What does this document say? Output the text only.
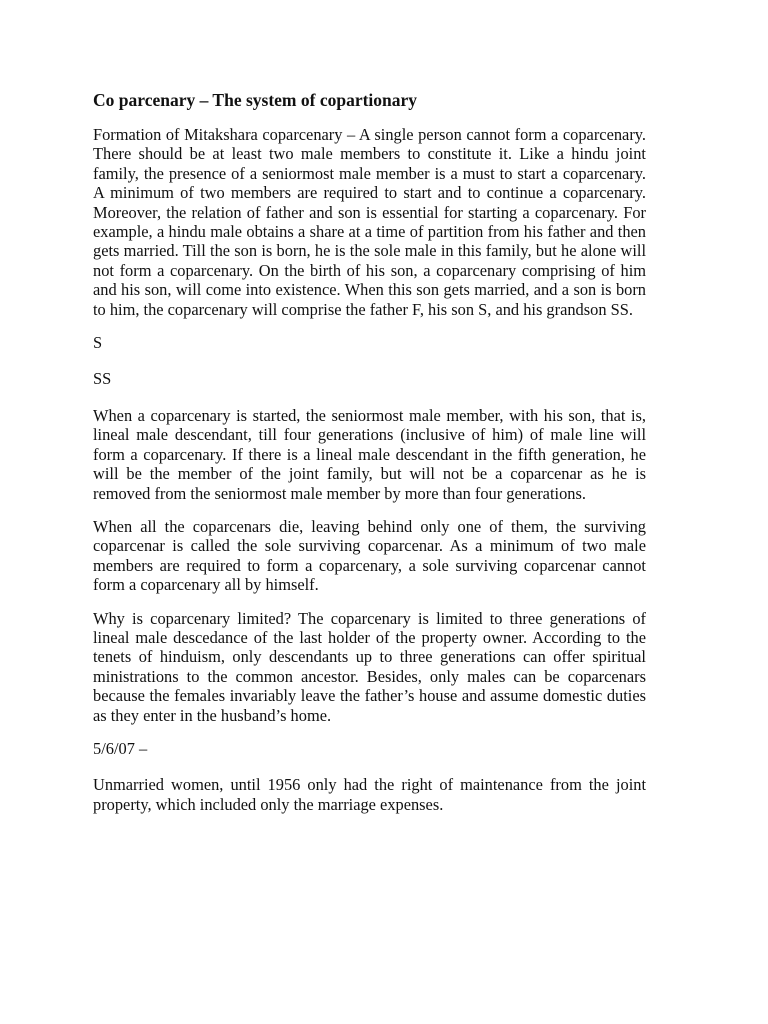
Co parcenary – The system of copartionary

Formation of Mitakshara coparcenary – A single person cannot form a coparcenary. There should be at least two male members to constitute it. Like a hindu joint family, the presence of a seniormost male member is a must to start a coparcenary. A minimum of two members are required to start and to continue a coparcenary. Moreover, the relation of father and son is essential for starting a coparcenary. For example, a hindu male obtains a share at a time of partition from his father and then gets married. Till the son is born, he is the sole male in this family, but he alone will not form a coparcenary. On the birth of his son, a coparcenary comprising of him and his son, will come into existence. When this son gets married, and a son is born to him, the coparcenary will comprise the father F, his son S, and his grandson SS.

S

SS

When a coparcenary is started, the seniormost male member, with his son, that is, lineal male descendant, till four generations (inclusive of him) of male line will form a coparcenary. If there is a lineal male descendant in the fifth generation, he will be the member of the joint family, but will not be a coparcenar as he is removed from the seniormost male member by more than four generations.

When all the coparcenars die, leaving behind only one of them, the surviving coparcenar is called the sole surviving coparcenar. As a minimum of two male members are required to form a coparcenary, a sole surviving coparcenar cannot form a coparcenary all by himself.

Why is coparcenary limited? The coparcenary is limited to three generations of lineal male descedance of the last holder of the property owner. According to the tenets of hinduism, only descendants up to three generations can offer spiritual ministrations to the common ancestor. Besides, only males can be coparcenars because the females invariably leave the father’s house and assume domestic duties as they enter in the husband’s home.

5/6/07 –

Unmarried women, until 1956 only had the right of maintenance from the joint property, which included only the marriage expenses.
